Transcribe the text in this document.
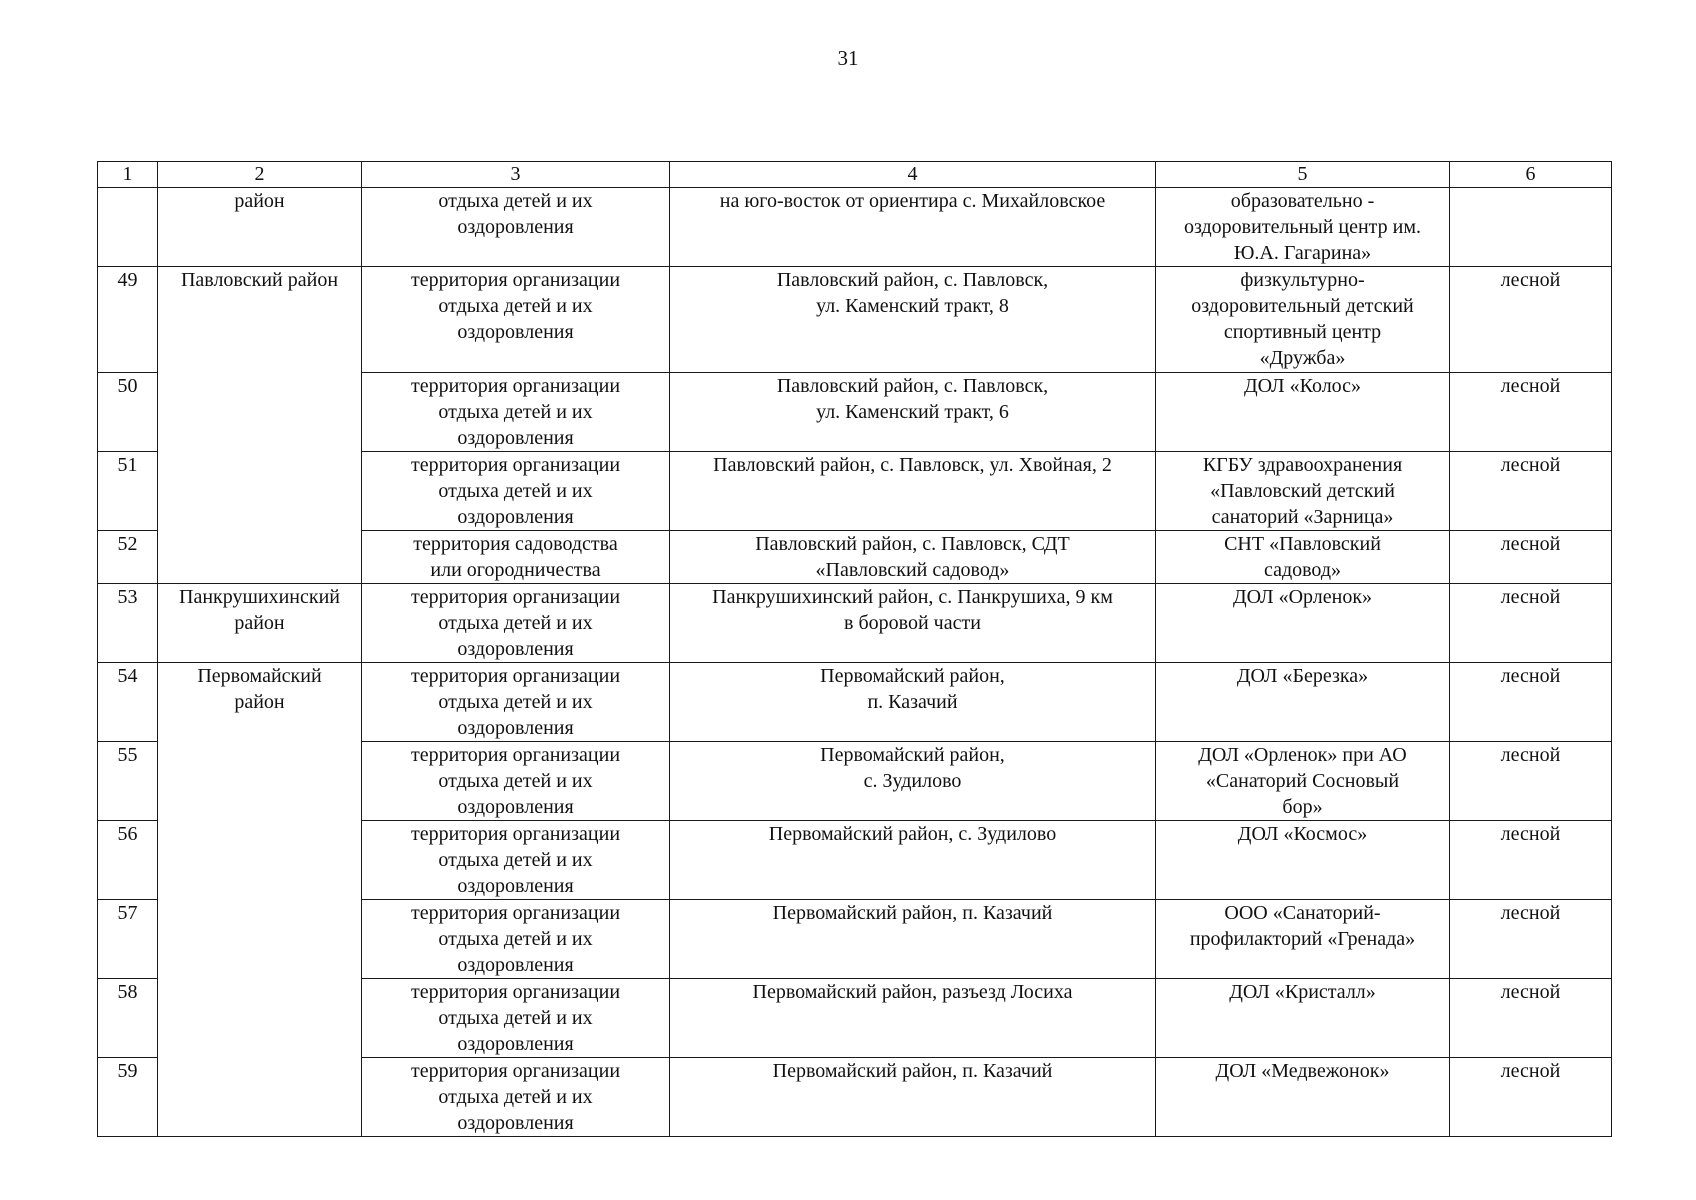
31
1	2	3	4	5	6

	район	отдыха детей и их
оздоровления	на юго-восток от ориентира с. Михайловское	образовательно -
оздоровительный центр им.
Ю.А. Гагарина»	

49	Павловский район	территория организации
отдыха детей и их
оздоровления	Павловский район, с. Павловск,
ул. Каменский тракт, 8	физкультурно-
оздоровительный детский
спортивный центр
«Дружба»	лесной
50		территория организации
отдыха детей и их
оздоровления	Павловский район, с. Павловск,
ул. Каменский тракт, 6	ДОЛ «Колос»	лесной
51		территория организации
отдыха детей и их
оздоровления	Павловский район, с. Павловск, ул. Хвойная, 2	КГБУ здравоохранения
«Павловский детский
санаторий «Зарница»	лесной
52		территория садоводства
или огородничества	Павловский район, с. Павловск, СДТ
«Павловский садовод»	СНТ «Павловский
садовод»	лесной
53	Панкрушихинский
район	территория организации
отдыха детей и их
оздоровления	Панкрушихинский район, с. Панкрушиха, 9 км
в боровой части	ДОЛ «Орленок»	лесной
54	Первомайский
район	территория организации
отдыха детей и их
оздоровления	Первомайский район,
п. Казачий	ДОЛ «Березка»	лесной
55		территория организации
отдыха детей и их
оздоровления	Первомайский район,
с. Зудилово	ДОЛ «Орленок» при АО
«Санаторий Сосновый
бор»	лесной
56		территория организации
отдыха детей и их
оздоровления	Первомайский район, с. Зудилово	ДОЛ «Космос»	лесной
57		территория организации
отдыха детей и их
оздоровления	Первомайский район, п. Казачий	ООО «Санаторий-
профилакторий «Гренада»	лесной
58		территория организации
отдыха детей и их
оздоровления	Первомайский район, разъезд Лосиха	ДОЛ «Кристалл»	лесной
59		территория организации
отдыха детей и их
оздоровления	Первомайский район, п. Казачий	ДОЛ «Медвежонок»	лесной
